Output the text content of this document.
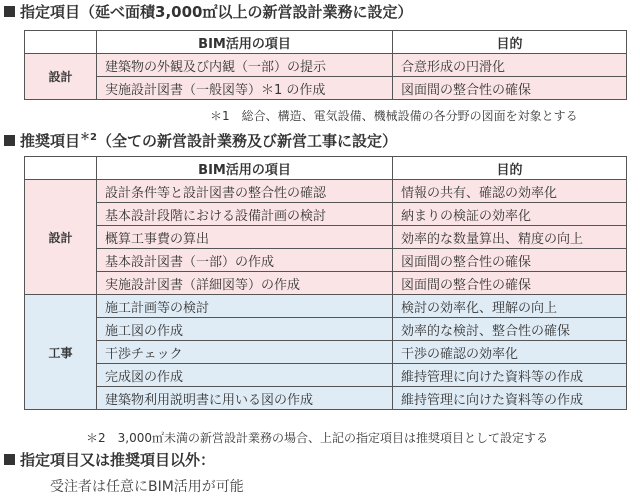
指定項目（延べ面積3,000㎡以上の新営設計業務に設定）
	BIM活用の項目	目的
設計	建築物の外観及び内観（一部）の提示	合意形成の円滑化
	実施設計図書（一般図等）＊1 の作成	図面間の整合性の確保
＊1　総合、構造、電気設備、機械設備の各分野の図面を対象とする
推奨項目$^{*2}$（全ての新営設計業務及び新営工事に設定）
	BIM活用の項目	目的
設計	設計条件等と設計図書の整合性の確認	情報の共有、確認の効率化
	基本設計段階における設備計画の検討	納まりの検証の効率化
	概算工事費の算出	効率的な数量算出、精度の向上
	基本設計図書（一部）の作成	図面間の整合性の確保
	実施設計図書（詳細図等）の作成	図面間の整合性の確保
工事	施工計画等の検討	検討の効率化、理解の向上
	施工図の作成	効率的な検討、整合性の確保
	干渉チェック	干渉の確認の効率化
	完成図の作成	維持管理に向けた資料等の作成
	建築物利用説明書に用いる図の作成	維持管理に向けた資料等の作成
＊2　3,000㎡未満の新営設計業務の場合、上記の指定項目は推奨項目として設定する
指定項目又は推奨項目以外：
受注者は任意にBIM活用が可能
